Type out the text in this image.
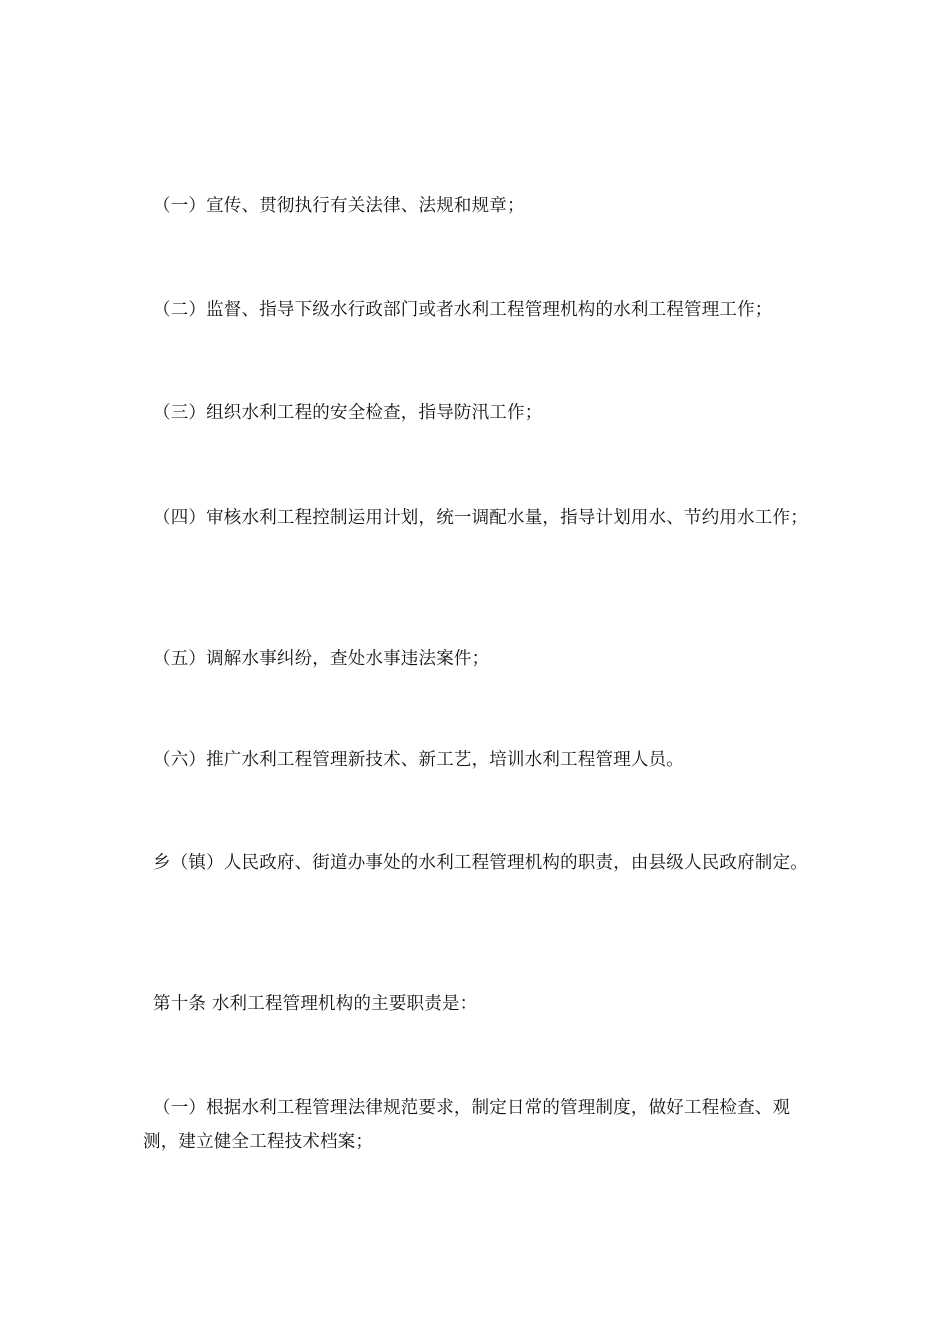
（一）宣传、贯彻执行有关法律、法规和规章；

（二）监督、指导下级水行政部门或者水利工程管理机构的水利工程管理工作；

（三）组织水利工程的安全检查，指导防汛工作；

（四）审核水利工程控制运用计划，统一调配水量，指导计划用水、节约用水工作；

（五）调解水事纠纷，查处水事违法案件；

（六）推广水利工程管理新技术、新工艺，培训水利工程管理人员。

乡（镇）人民政府、街道办事处的水利工程管理机构的职责，由县级人民政府制定。

第十条 水利工程管理机构的主要职责是：

（一）根据水利工程管理法律规范要求，制定日常的管理制度，做好工程检查、观测，建立健全工程技术档案；
